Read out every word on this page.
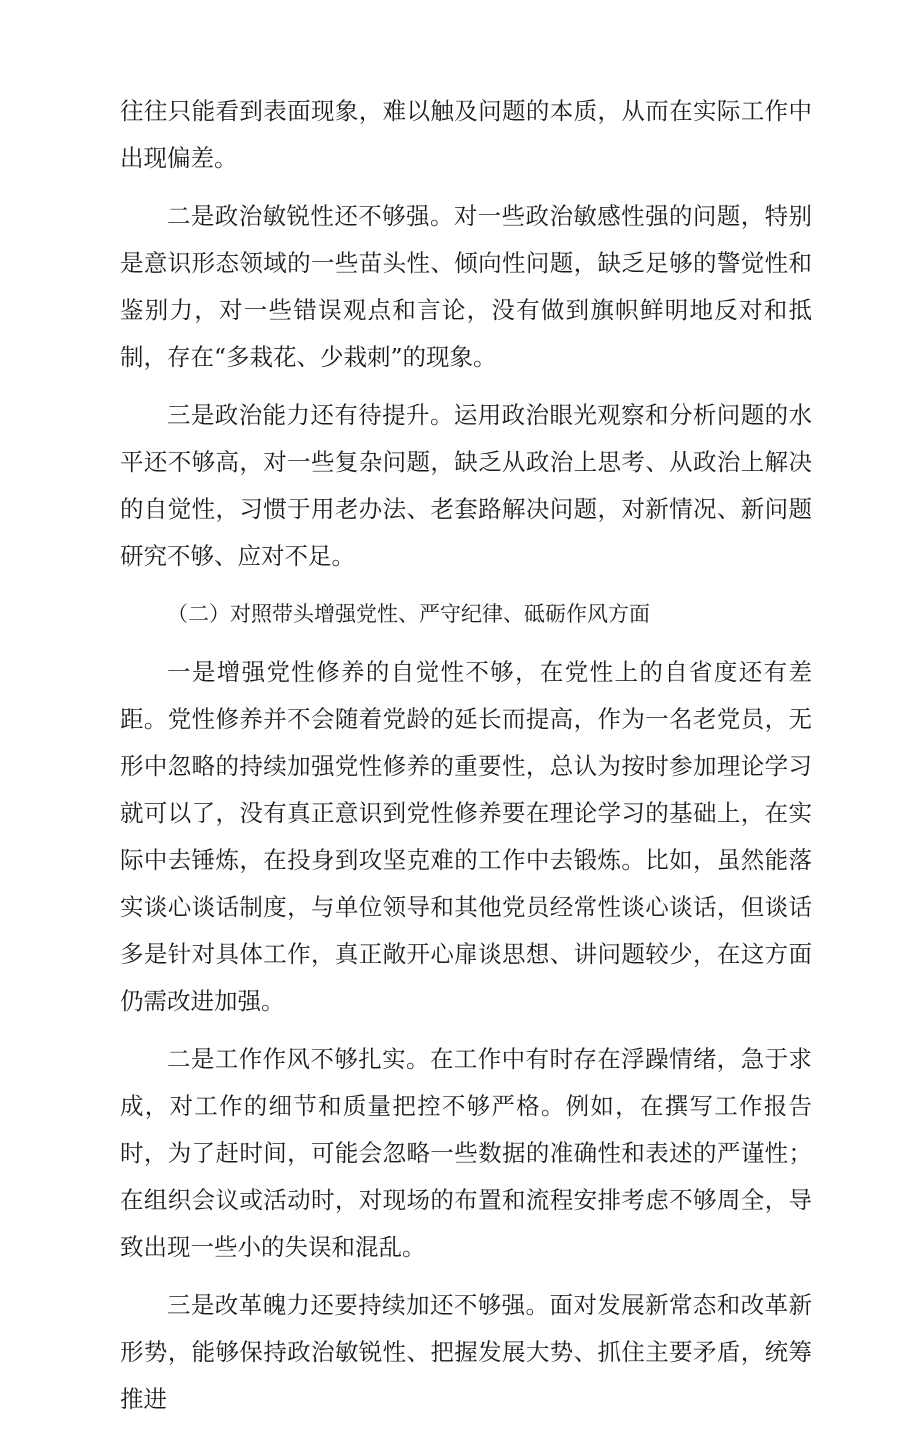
往往只能看到表面现象，难以触及问题的本质，从而在实际工作中出现偏差。

二是政治敏锐性还不够强。对一些政治敏感性强的问题，特别是意识形态领域的一些苗头性、倾向性问题，缺乏足够的警觉性和鉴别力，对一些错误观点和言论，没有做到旗帜鲜明地反对和抵制，存在“多栽花、少栽刺”的现象。

三是政治能力还有待提升。运用政治眼光观察和分析问题的水平还不够高，对一些复杂问题，缺乏从政治上思考、从政治上解决的自觉性，习惯于用老办法、老套路解决问题，对新情况、新问题研究不够、应对不足。

（二）对照带头增强党性、严守纪律、砥砺作风方面

一是增强党性修养的自觉性不够，在党性上的自省度还有差距。党性修养并不会随着党龄的延长而提高，作为一名老党员，无形中忽略的持续加强党性修养的重要性，总认为按时参加理论学习就可以了，没有真正意识到党性修养要在理论学习的基础上，在实际中去锤炼，在投身到攻坚克难的工作中去锻炼。比如，虽然能落实谈心谈话制度，与单位领导和其他党员经常性谈心谈话，但谈话多是针对具体工作，真正敞开心扉谈思想、讲问题较少，在这方面仍需改进加强。

二是工作作风不够扎实。在工作中有时存在浮躁情绪，急于求成，对工作的细节和质量把控不够严格。例如，在撰写工作报告时，为了赶时间，可能会忽略一些数据的准确性和表述的严谨性；在组织会议或活动时，对现场的布置和流程安排考虑不够周全，导致出现一些小的失误和混乱。

三是改革魄力还要持续加还不够强。面对发展新常态和改革新形势，能够保持政治敏锐性、把握发展大势、抓住主要矛盾，统筹推进
